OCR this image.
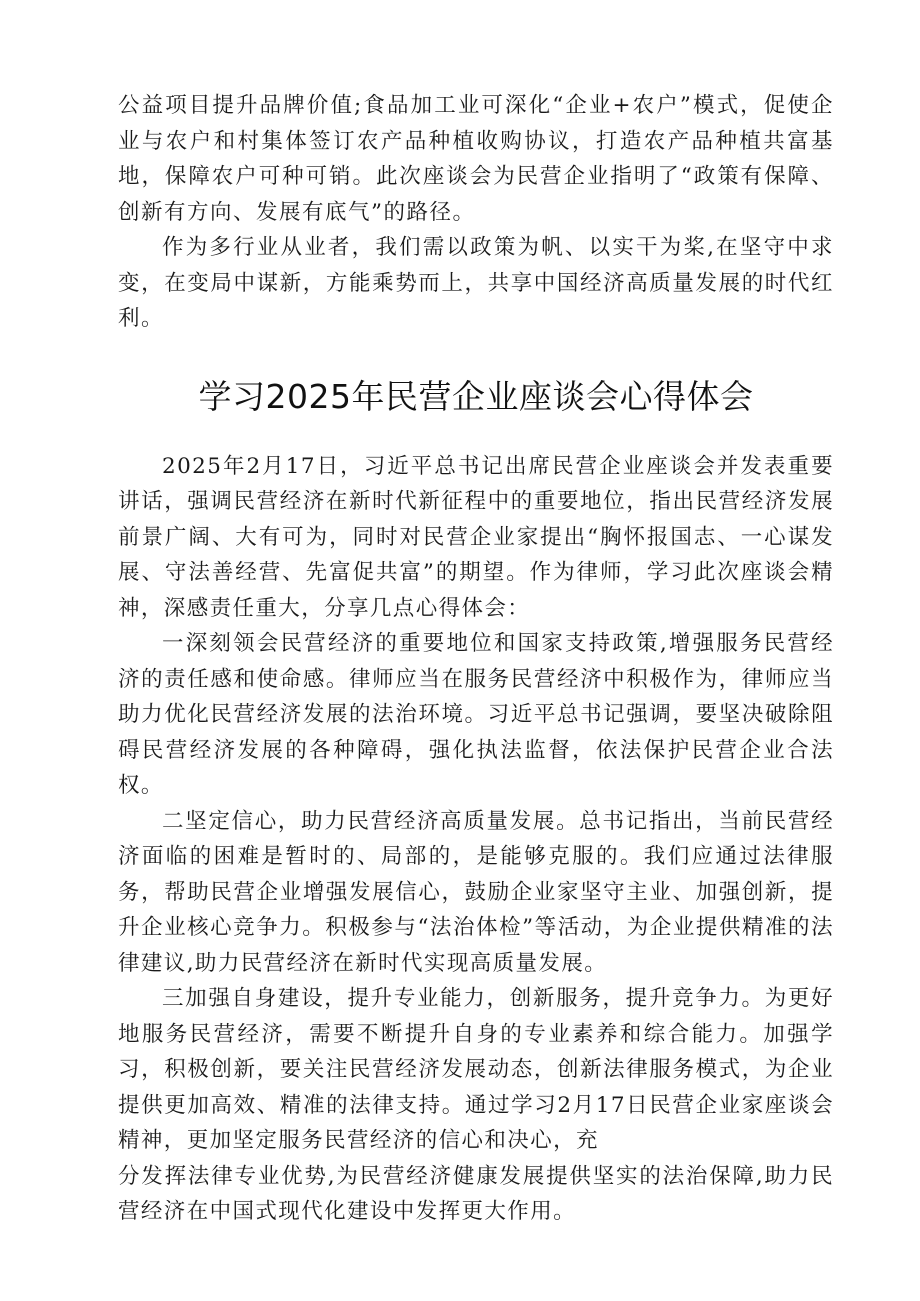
公益项目提升品牌价值;食品加工业可深化“企业+农户”模式，促使企业与农户和村集体签订农产品种植收购协议，打造农产品种植共富基地，保障农户可种可销。此次座谈会为民营企业指明了“政策有保障、创新有方向、发展有底气”的路径。

作为多行业从业者，我们需以政策为帆、以实干为桨,在坚守中求变，在变局中谋新，方能乘势而上，共享中国经济高质量发展的时代红利。

学习2025年民营企业座谈会心得体会

2025年2月17日，习近平总书记出席民营企业座谈会并发表重要讲话，强调民营经济在新时代新征程中的重要地位，指出民营经济发展前景广阔、大有可为，同时对民营企业家提出“胸怀报国志、一心谋发展、守法善经营、先富促共富”的期望。作为律师，学习此次座谈会精神，深感责任重大，分享几点心得体会：

一深刻领会民营经济的重要地位和国家支持政策,增强服务民营经济的责任感和使命感。律师应当在服务民营经济中积极作为，律师应当助力优化民营经济发展的法治环境。习近平总书记强调，要坚决破除阻碍民营经济发展的各种障碍，强化执法监督，依法保护民营企业合法权。

二坚定信心，助力民营经济高质量发展。总书记指出，当前民营经济面临的困难是暂时的、局部的，是能够克服的。我们应通过法律服务，帮助民营企业增强发展信心，鼓励企业家坚守主业、加强创新，提升企业核心竞争力。积极参与“法治体检”等活动，为企业提供精准的法律建议,助力民营经济在新时代实现高质量发展。

三加强自身建设，提升专业能力，创新服务，提升竞争力。为更好地服务民营经济，需要不断提升自身的专业素养和综合能力。加强学习，积极创新，要关注民营经济发展动态，创新法律服务模式，为企业提供更加高效、精准的法律支持。通过学习2月17日民营企业家座谈会精神，更加坚定服务民营经济的信心和决心，充

分发挥法律专业优势,为民营经济健康发展提供坚实的法治保障,助力民营经济在中国式现代化建设中发挥更大作用。
